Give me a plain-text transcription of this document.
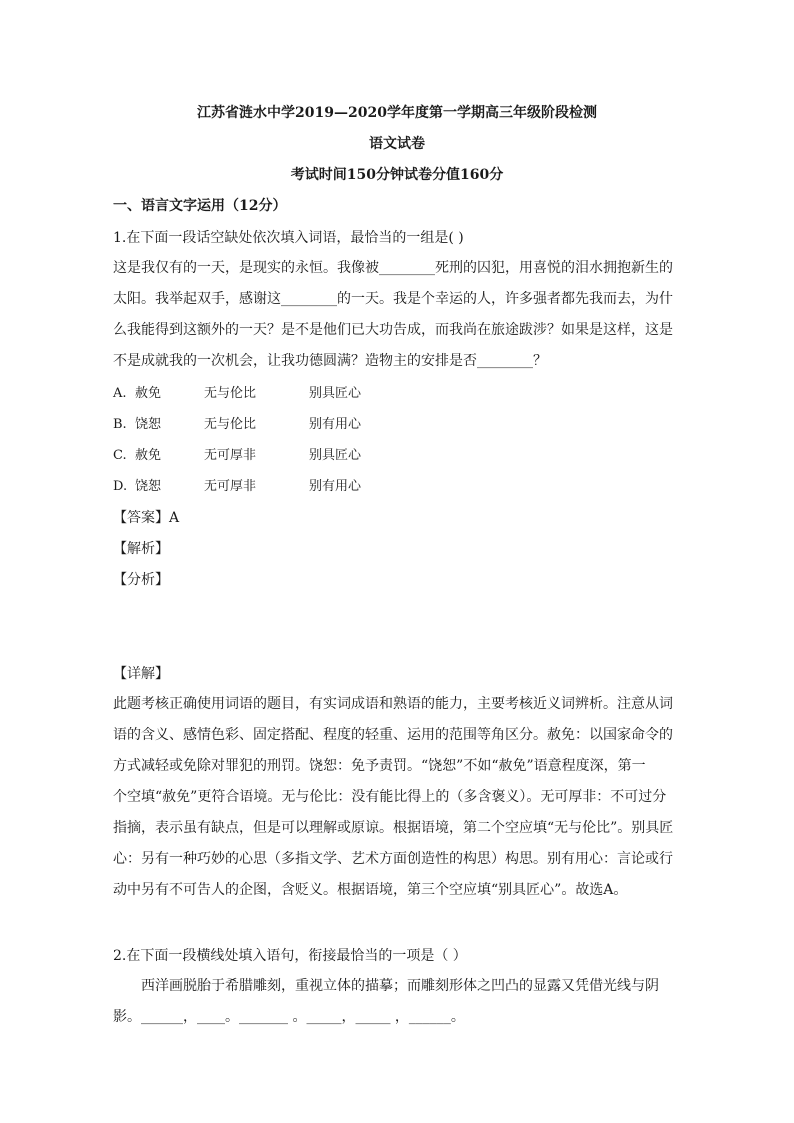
江苏省涟水中学2019—2020学年度第一学期高三年级阶段检测
语文试卷
考试时间150分钟试卷分值160分
一、语言文字运用（12分）
1.在下面一段话空缺处依次填入词语，最恰当的一组是( )

这是我仅有的一天，是现实的永恒。我像被________死刑的囚犯，用喜悦的泪水拥抱新生的

太阳。我举起双手，感谢这________的一天。我是个幸运的人，许多强者都先我而去，为什

么我能得到这额外的一天？是不是他们已大功告成，而我尚在旅途跋涉？如果是这样，这是

不是成就我的一次机会，让我功德圆满？造物主的安排是否________？

A. 赦免	无与伦比	别具匠心
B. 饶恕	无与伦比	别有用心
C. 赦免	无可厚非	别具匠心
D. 饶恕	无可厚非	别有用心
【答案】A
【解析】
【分析】
【详解】

此题考核正确使用词语的题目，有实词成语和熟语的能力，主要考核近义词辨析。注意从词

语的含义、感情色彩、固定搭配、程度的轻重、运用的范围等角区分。赦免：以国家命令的

方式减轻或免除对罪犯的刑罚。饶恕：免予责罚。“饶恕”不如“赦免”语意程度深，第一

个空填“赦免”更符合语境。无与伦比：没有能比得上的（多含褒义）。无可厚非：不可过分

指摘，表示虽有缺点，但是可以理解或原谅。根据语境，第二个空应填“无与伦比”。别具匠

心：另有一种巧妙的心思（多指文学、艺术方面创造性的构思）构思。别有用心：言论或行

动中另有不可告人的企图，含贬义。根据语境，第三个空应填“别具匠心”。故选A。

2.在下面一段横线处填入语句，衔接最恰当的一项是（ ）

西洋画脱胎于希腊雕刻，重视立体的描摹；而雕刻形体之凹凸的显露又凭借光线与阴

影。______，____。_______ 。_____，_____ ，______。
